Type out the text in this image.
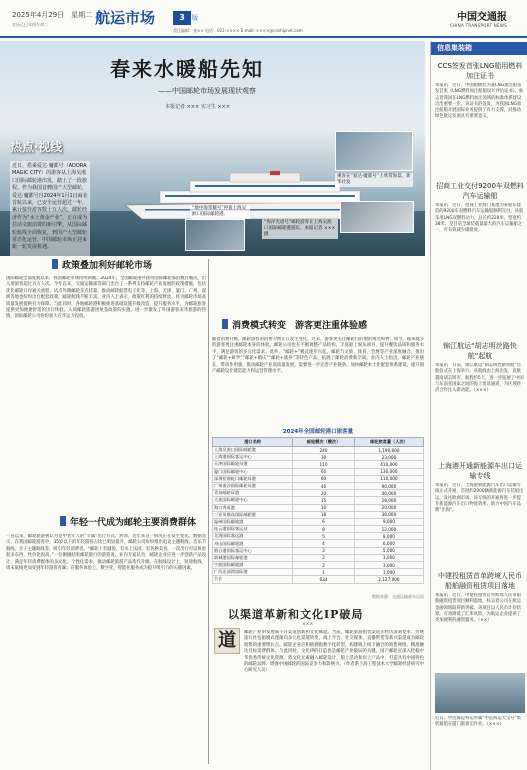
2025年4月29日　星期二
农历乙巳年四月初二	航运市场	3	版
责任编辑：张×× 电话：021-×××× E-mail: ××××@cnshipnet.com
中国交通报
CHINA TRANSPORT NEWS
春来水暖船先知
——中国邮轮市场发展现状观察
本报记者 ××× 实习生 ×××
热点·视线
近日，搭乘爱达·魔都号（ADORA MAGIC CITY）的游客从上海吴淞口国际邮轮港出发，踏上了一段旅程。作为我国首艘国产大型邮轮，爱达·魔都号自2024年1月1日商业首航以来，已安全运营超过一年，累计接待游客数十万人次。邮轮经济作为“水上黄金产业”，正在成为拉动文旅消费的新引擎。从国际邮轮航线全面恢复，到国产大型邮轮常态化运营，中国邮轮市场正迎来新一轮发展机遇。
乘客在“爱达·魔都号”上欣赏海景。新华社发
“地中海荣耀号”停靠上海吴淞口国际邮轮港。
“海洋光谱号”邮轮游客在上海吴淞口国际邮轮港游玩。本报记者 ××× 摄
信息集装箱
CCS签发首张LNG船用燃料加注证书
本报讯　近日，中国船级社为某LNG加注船签发首张《LNG燃料加注船舶设计评估证书》，标志着我国在LNG燃料加注领域的标准体系建设迈出重要一步。该证书的签发，为我国LNG加注船舶开展国际业务提供了有力支撑，对推动绿色航运发展具有重要意义。
招商工业交付9200车双燃料汽车运输船
本报讯　近日，招商工业海门基地为某船东建造的9200车双燃料汽车运输船顺利交付。该船采用LNG双燃料动力，总长约228米，型宽约38米，是目前全球装载量最大的汽车运输船之一，可有效减少碳排放。
锦江航运“胡志明丝路快航”起航
本报讯　日前，锦江航运“胡志明丝路快航”首航仪式在上海举行。该航线由上海出发，直航越南胡志明市，航程约5天，进一步拓展了中国与东南亚国家之间的海上贸易通道，为区域经济合作注入新动能。（×××）
上海港开通新能源车出口运输专线
本报讯　近日，上海港新能源汽车出口运输专线正式开通，首批约2000辆新能源汽车装船出运，发往欧洲市场。该专线的开通将进一步提升新能源汽车出口物流效率，助力中国汽车品牌“出海”。
中建投租赁首单跨境人民币船舶融资租赁项目落地
本报讯　近日，中建投租赁首单跨境人民币船舶融资租赁项目顺利落地，标志着公司在航运金融领域取得新突破。该项目以人民币计价结算，有效降低了汇率风险，为航运企业提供了更加便利的融资服务。（××）
近日，中远海运特运所属“中远海运天宝号”集装箱船在厦门港靠泊作业。（×××）
政策叠加利好邮轮市场
国际邮轮全面复航以来，我国邮轮市场持续回暖。2024年，全国邮轮港共接待国际邮轮靠泊数百艘次，出入境旅客超过百万人次。今年以来，交通运输部等部门出台了一系列支持邮轮产业发展的政策措施，包括优化邮轮口岸通关流程、试点外籍邮轮多点挂靠、推动邮轮船票电子化等。上海、天津、厦门、广州、深圳等地也纷纷出台配套政策，邮轮航线不断丰富。业内人士表示，政策红利的持续释放，将为邮轮市场高质量发展提供有力保障。与此同时，各地邮轮港积极推进基础设施升级改造，提升服务水平，为邮轮旅客提供更加便捷舒适的出行体验。入境邮轮旅游团免签政策的实施，进一步激发了外国游客来华旅游的热情，国际邮轮公司纷纷加大在华运力投放。
年轻一代成为邮轮主要消费群体
一直以来，邮轮旅游被认为是中老年人的“专属”出行方式。然而，近年来这一情况正在发生变化。数据显示，在我国邮轮游客中，35岁以下的年轻游客占比已明显提升。邮轮公司纷纷推出电竞主题航线、音乐节航线、亲子主题航线等，吸引年轻消费者。“邮轮上有剧场、有水上乐园、有各种美食，一次出行可以体验很多东西，性价比很高。”一位刚刚结束邮轮旅行的游客说。业内专家认为，邮轮企业应进一步创新产品设计，满足年轻消费群体的多元化、个性化需求，推动邮轮旅游产品迭代升级。在航线设计上，短途航线、周末航线更加受到年轻游客青睐；在服务体验上，数字化、智能化服务成为提升吸引力的关键因素。
消费模式转变　游客更注重体验感
随着消费升级，邮轮游客的消费习惯正在发生变化。过去，游客更关注邮轮目的地的观光购物；如今，越来越多的游客更注重邮轮本身的体验。邮轮公司也在不断调整产品结构，丰富船上娱乐项目，提升餐饮品质和服务水平，满足游客的多元化需求。此外，“邮轮+”模式逐步兴起，邮轮与文旅、体育、会展等产业深度融合，推出了“邮轮+研学”“邮轮+婚庆”“邮轮+康养”等特色产品，拓展了邮轮消费新空间。业内人士指出，邮轮产业链长、带动作用强，推动邮轮产业高质量发展，需要进一步完善产业链条，加快邮轮本土化配套体系建设，提升国产邮轮设计建造能力和运营管理水平。
2024年全国邮轮港口旅客量
港口名称	邮轮艘次（艘次）	邮轮旅客量（人次）
上海吴淞口国际邮轮港	240	1,190,000
上海港国际客运中心	30	23,000
天津国际邮轮母港	110	410,000
厦门国际邮轮中心	60	130,000
深圳招商蛇口邮轮母港	60	110,000
广州南沙国际邮轮母港	40	90,000
青岛邮轮母港	20	40,000
大连国际邮轮中心	15	28,000
海口秀英港	10	20,000
三亚凤凰岛国际邮轮港	18	36,000
温州国际邮轮港	6	9,000
连云港国际客运站	8	12,000
北海国际客运港	5	8,000
舟山国际邮轮港	4	6,000
烟台港国际客运中心	3	5,000
防城港国际邮轮港	2	3,000
宁波国际邮轮港	2	3,000
广西北部湾国际港	1	1,000
合计	634	2,127,000
数据来源：交通运输部水运局
以渠道革新和文化IP破局
×××
道	邮轮产业的发展离不开渠道创新和文化赋能。当前，邮轮旅游销售渠道正经历深刻变革，传统旅行社包船模式逐渐向多元化渠道转变，线上平台、社交媒体、直播带货等新兴渠道成为邮轮销售的重要增长点。邮轮企业应积极拥抱数字化转型，构建线上线下融合的销售网络，精准触达目标消费群体。与此同时，文化IP的打造也是邮轮产业破局的关键。国产邮轮应深入挖掘中华优秀传统文化资源，将文化元素融入邮轮设计、船上活动和岸上产品中，打造具有中国特色的邮轮品牌，增强中国邮轮的国际竞争力和影响力。（作者系上海工程技术大学邮轮经济研究中心研究人员）
